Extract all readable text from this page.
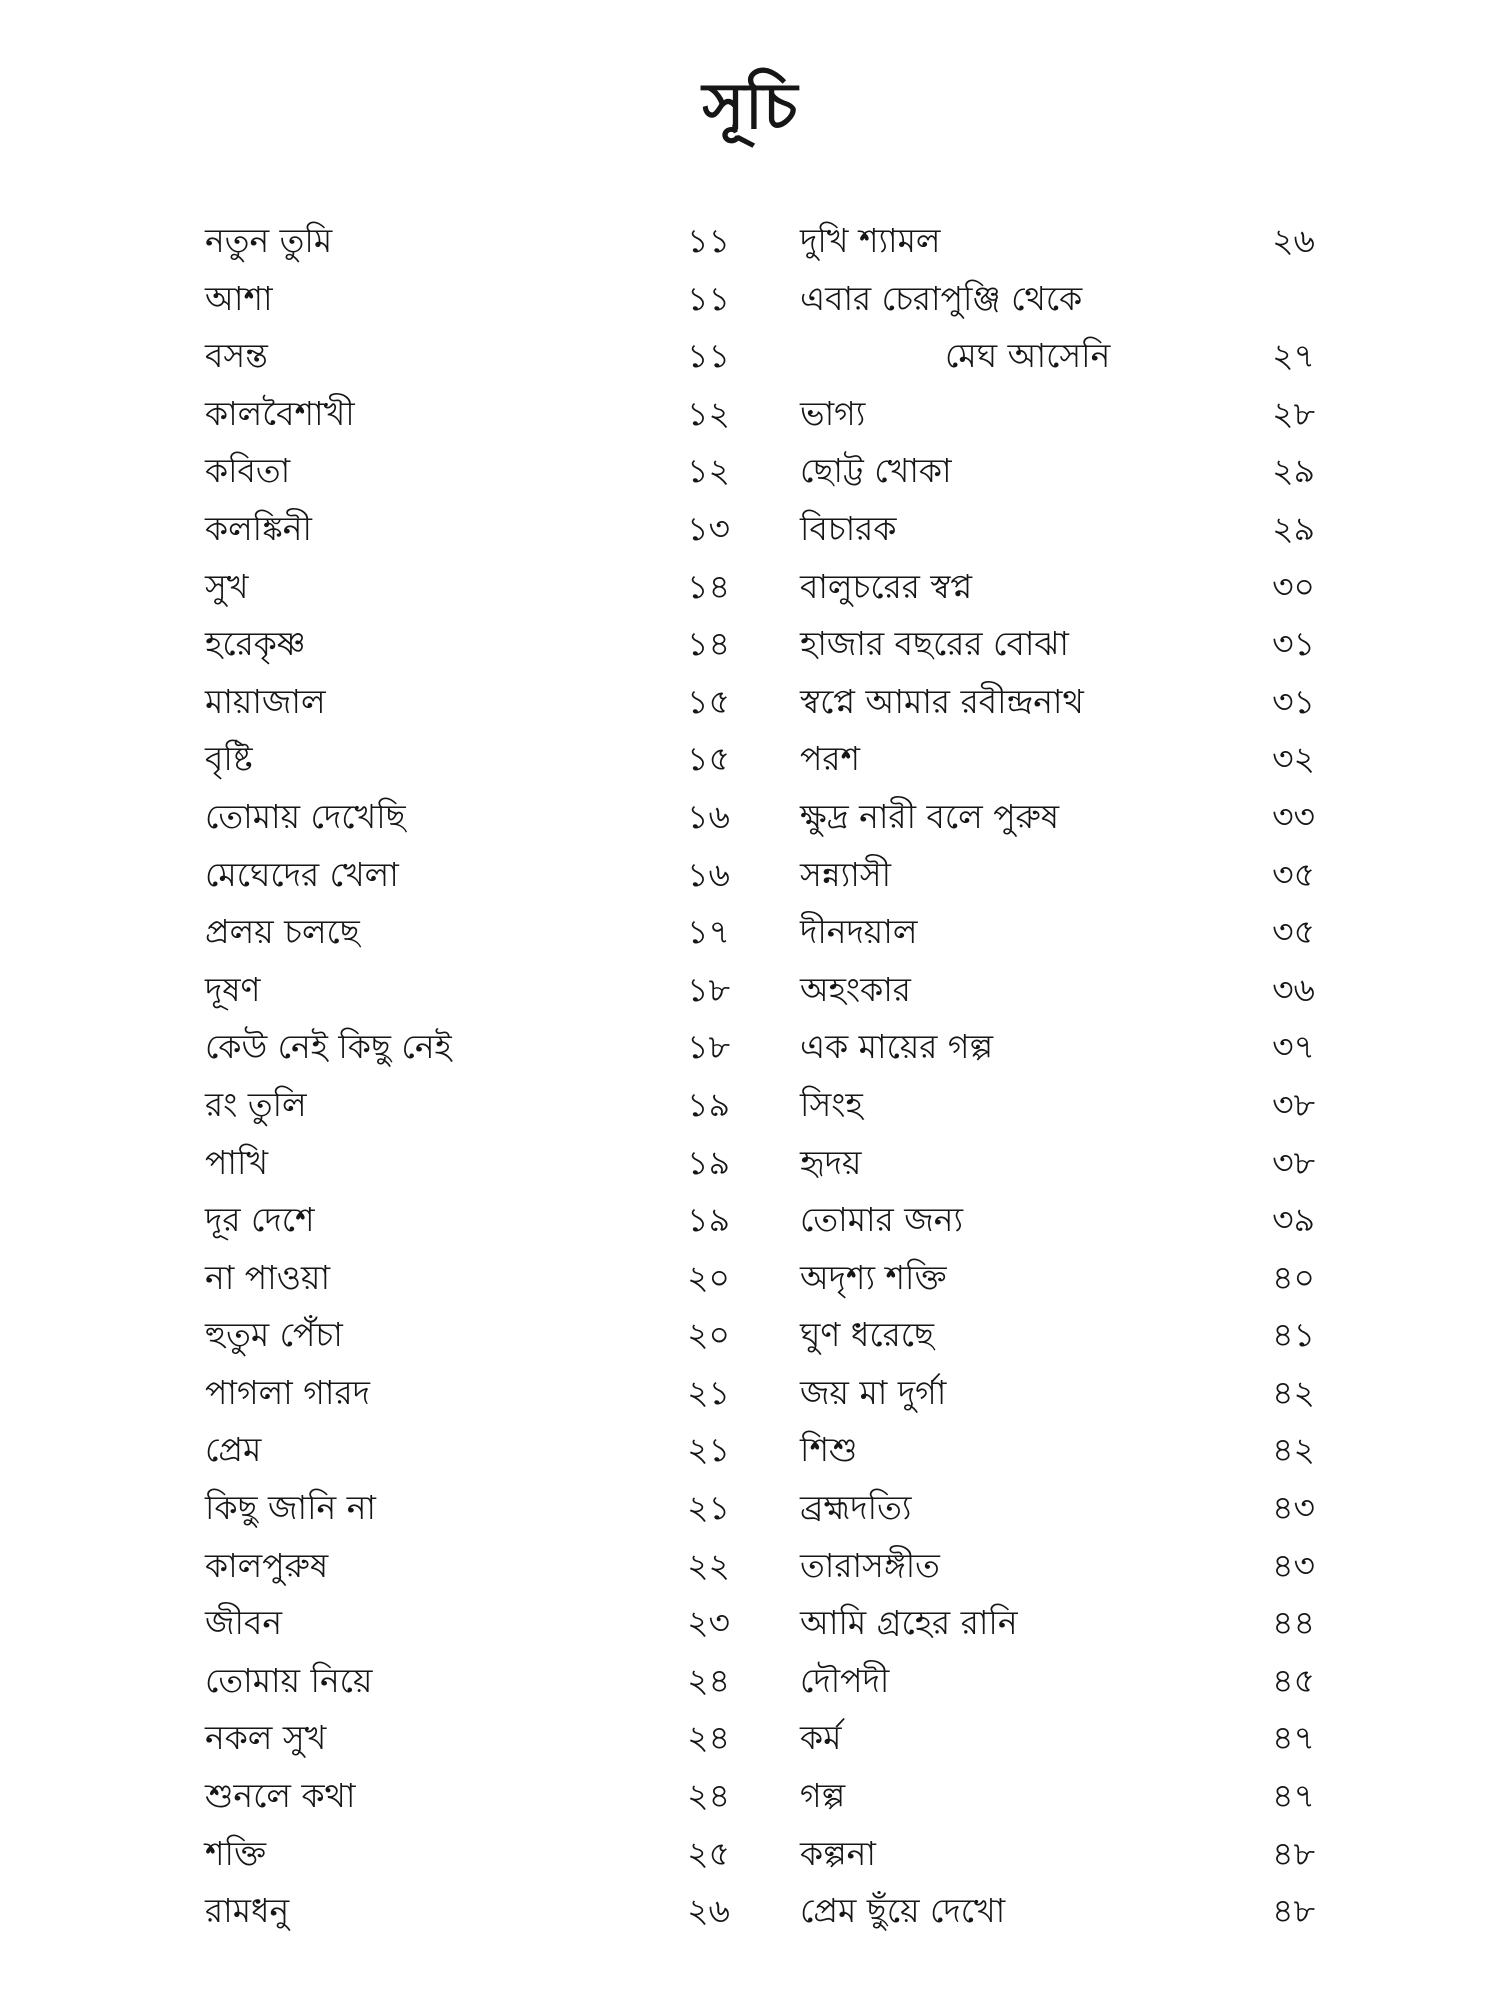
সূচি
নতুন তুমি	১১
আশা	১১
বসন্ত	১১
কালবৈশাখী	১২
কবিতা	১২
কলঙ্কিনী	১৩
সুখ	১৪
হরেকৃষ্ণ	১৪
মায়াজাল	১৫
বৃষ্টি	১৫
তোমায় দেখেছি	১৬
মেঘেদের খেলা	১৬
প্রলয় চলছে	১৭
দূষণ	১৮
কেউ নেই কিছু নেই	১৮
রং তুলি	১৯
পাখি	১৯
দূর দেশে	১৯
না পাওয়া	২০
হুতুম পেঁচা	২০
পাগলা গারদ	২১
প্রেম	২১
কিছু জানি না	২১
কালপুরুষ	২২
জীবন	২৩
তোমায় নিয়ে	২৪
নকল সুখ	২৪
শুনলে কথা	২৪
শক্তি	২৫
রামধনু	২৬
দুখি শ্যামল	২৬
এবার চেরাপুঞ্জি থেকে
মেঘ আসেনি	২৭
ভাগ্য	২৮
ছোট্ট খোকা	২৯
বিচারক	২৯
বালুচরের স্বপ্ন	৩০
হাজার বছরের বোঝা	৩১
স্বপ্নে আমার রবীন্দ্রনাথ	৩১
পরশ	৩২
ক্ষুদ্র নারী বলে পুরুষ	৩৩
সন্ন্যাসী	৩৫
দীনদয়াল	৩৫
অহংকার	৩৬
এক মায়ের গল্প	৩৭
সিংহ	৩৮
হৃদয়	৩৮
তোমার জন্য	৩৯
অদৃশ্য শক্তি	৪০
ঘুণ ধরেছে	৪১
জয় মা দুর্গা	৪২
শিশু	৪২
ব্রহ্মদত্যি	৪৩
তারাসঙ্গীত	৪৩
আমি গ্রহের রানি	৪৪
দৌপদী	৪৫
কর্ম	৪৭
গল্প	৪৭
কল্পনা	৪৮
প্রেম ছুঁয়ে দেখো	৪৮
